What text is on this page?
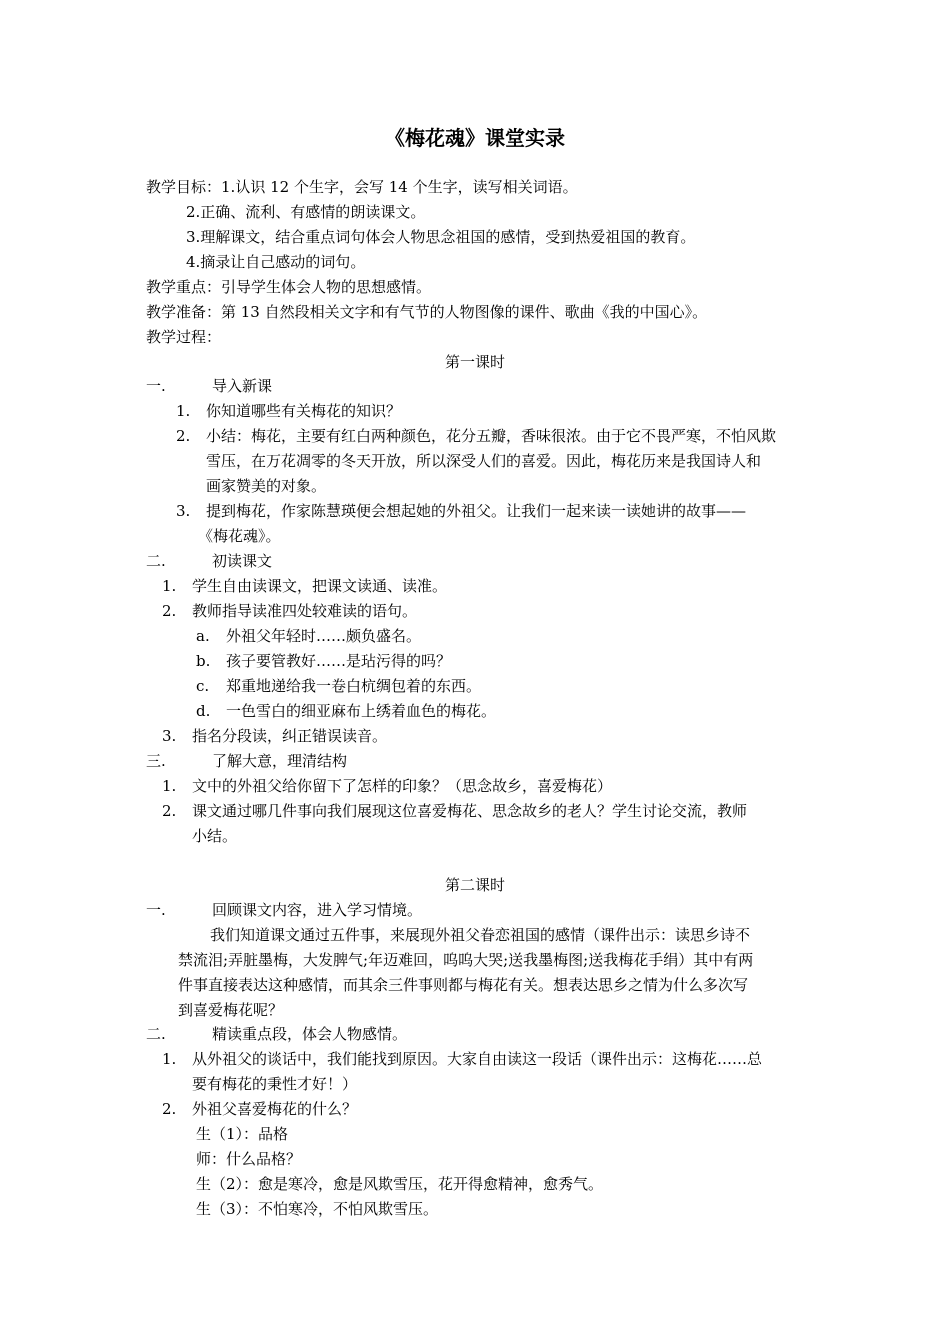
《梅花魂》课堂实录
教学目标：1.认识 12 个生字，会写 14 个生字，读写相关词语。
2.正确、流利、有感情的朗读课文。
3.理解课文，结合重点词句体会人物思念祖国的感情，受到热爱祖国的教育。
4.摘录让自己感动的词句。
教学重点：引导学生体会人物的思想感情。
教学准备：第 13 自然段相关文字和有气节的人物图像的课件、歌曲《我的中国心》。
教学过程：
第一课时
一.	导入新课
1. 你知道哪些有关梅花的知识？
2. 小结：梅花，主要有红白两种颜色，花分五瓣，香味很浓。由于它不畏严寒，不怕风欺
雪压，在万花凋零的冬天开放，所以深受人们的喜爱。因此，梅花历来是我国诗人和
画家赞美的对象。
3. 提到梅花，作家陈慧瑛便会想起她的外祖父。让我们一起来读一读她讲的故事——
《梅花魂》。
二.	初读课文
1. 学生自由读课文，把课文读通、读准。
2. 教师指导读准四处较难读的语句。
a. 外祖父年轻时……颇负盛名。
b. 孩子要管教好……是玷污得的吗？
c. 郑重地递给我一卷白杭绸包着的东西。
d. 一色雪白的细亚麻布上绣着血色的梅花。
3. 指名分段读，纠正错误读音。
三.	了解大意，理清结构
1. 文中的外祖父给你留下了怎样的印象？（思念故乡，喜爱梅花）
2. 课文通过哪几件事向我们展现这位喜爱梅花、思念故乡的老人？学生讨论交流，教师
小结。
第二课时
一.	回顾课文内容，进入学习情境。
我们知道课文通过五件事，来展现外祖父眷恋祖国的感情（课件出示：读思乡诗不
禁流泪;弄脏墨梅，大发脾气;年迈难回，呜呜大哭;送我墨梅图;送我梅花手绢）其中有两
件事直接表达这种感情，而其余三件事则都与梅花有关。想表达思乡之情为什么多次写
到喜爱梅花呢？
二.	精读重点段，体会人物感情。
1. 从外祖父的谈话中，我们能找到原因。大家自由读这一段话（课件出示：这梅花……总
要有梅花的秉性才好！）
2. 外祖父喜爱梅花的什么？
生（1）：品格
师：什么品格？
生（2）：愈是寒冷，愈是风欺雪压，花开得愈精神，愈秀气。
生（3）：不怕寒冷，不怕风欺雪压。
